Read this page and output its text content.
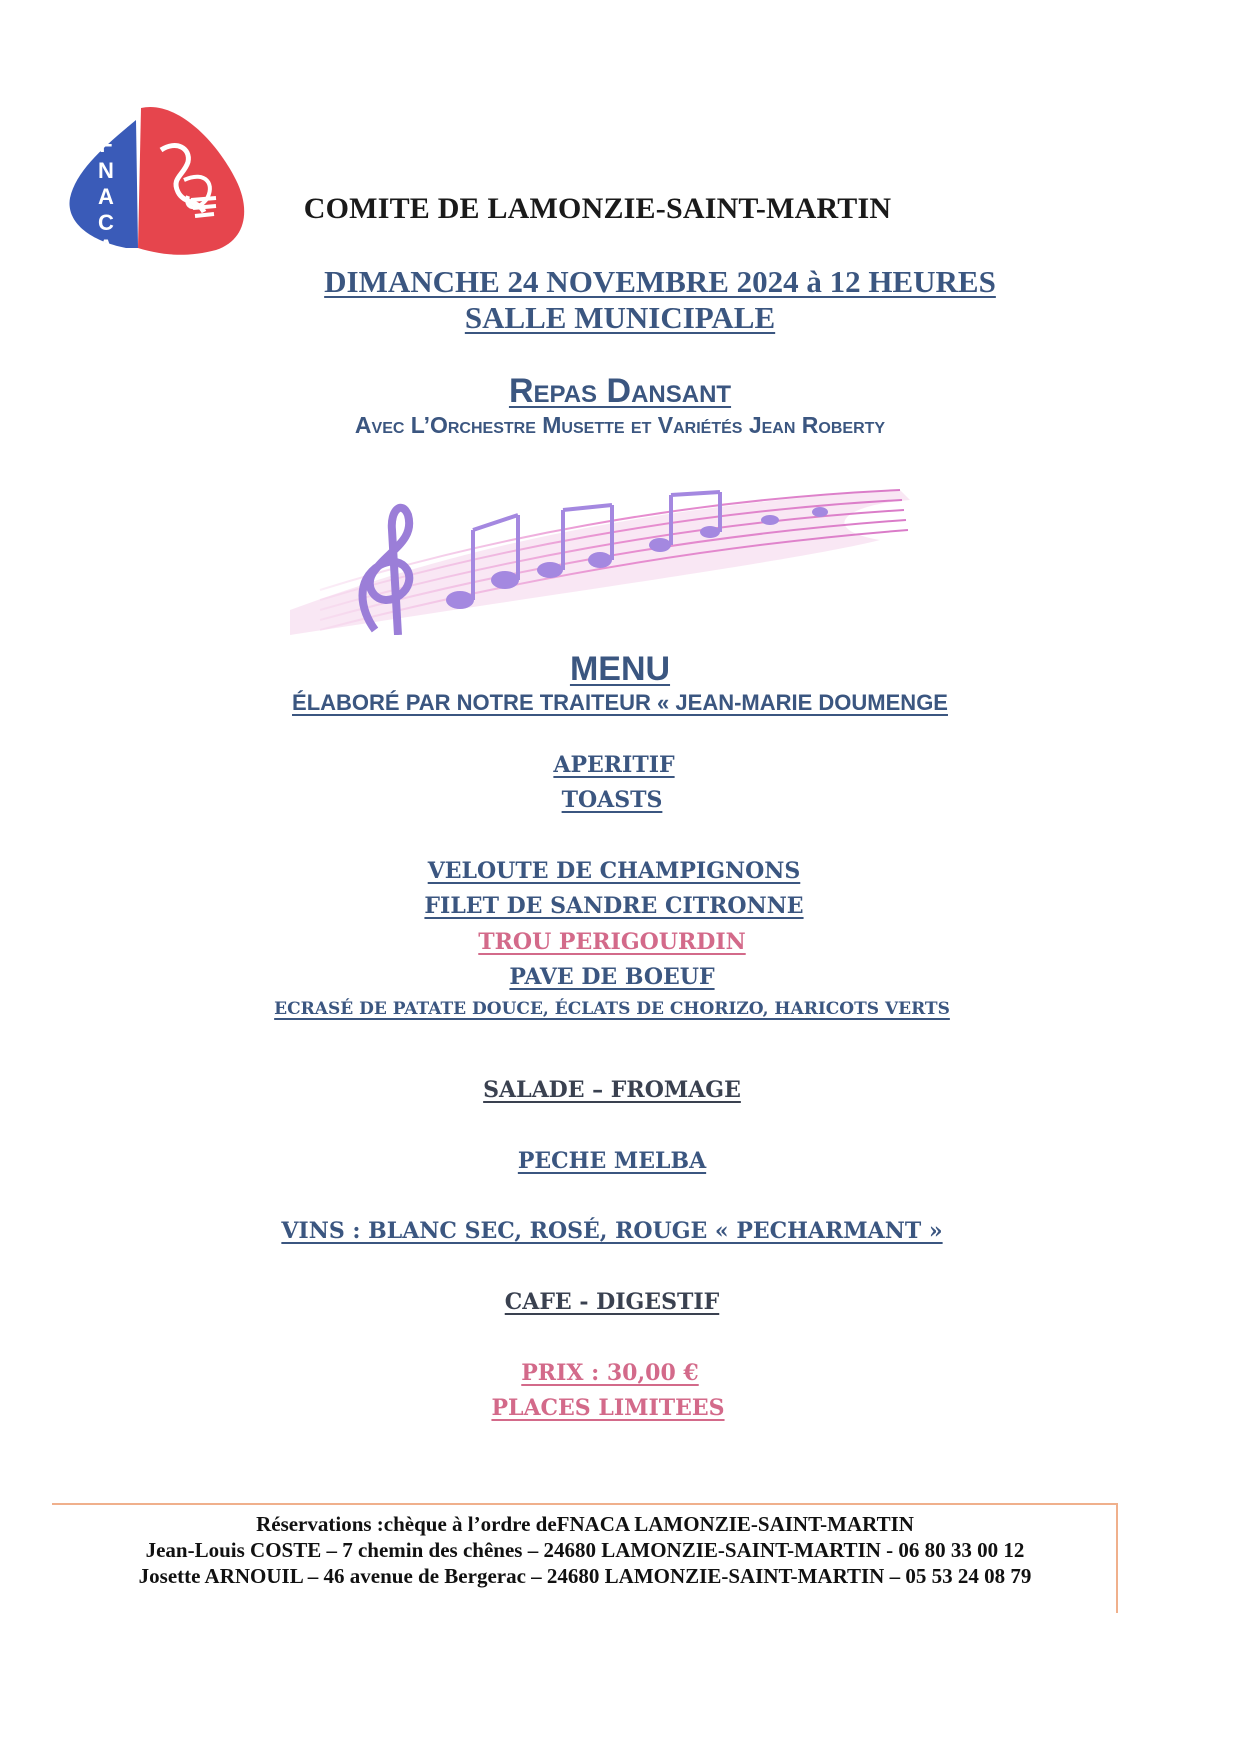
F
N
A
C
A
COMITE DE LAMONZIE-SAINT-MARTIN
DIMANCHE 24 NOVEMBRE 2024 à 12 HEURES
SALLE MUNICIPALE
Repas Dansant
Avec L’Orchestre Musette et Variétés Jean Roberty
MENU
ÉLABORÉ PAR NOTRE TRAITEUR « JEAN-MARIE DOUMENGE
APERITIF
TOASTS
VELOUTE DE CHAMPIGNONS
FILET DE SANDRE CITRONNE
TROU PERIGOURDIN
PAVE DE BOEUF
ECRASÉ DE PATATE DOUCE, ÉCLATS DE CHORIZO, HARICOTS VERTS
SALADE – FROMAGE
PECHE MELBA
VINS : BLANC SEC, ROSÉ, ROUGE « PECHARMANT »
CAFE - DIGESTIF
PRIX : 30,00 €
PLACES LIMITEES
Réservations :chèque à l’ordre deFNACA LAMONZIE-SAINT-MARTIN
Jean-Louis COSTE – 7 chemin des chênes – 24680 LAMONZIE-SAINT-MARTIN - 06 80 33 00 12
Josette ARNOUIL – 46 avenue de Bergerac – 24680 LAMONZIE-SAINT-MARTIN – 05 53 24 08 79
